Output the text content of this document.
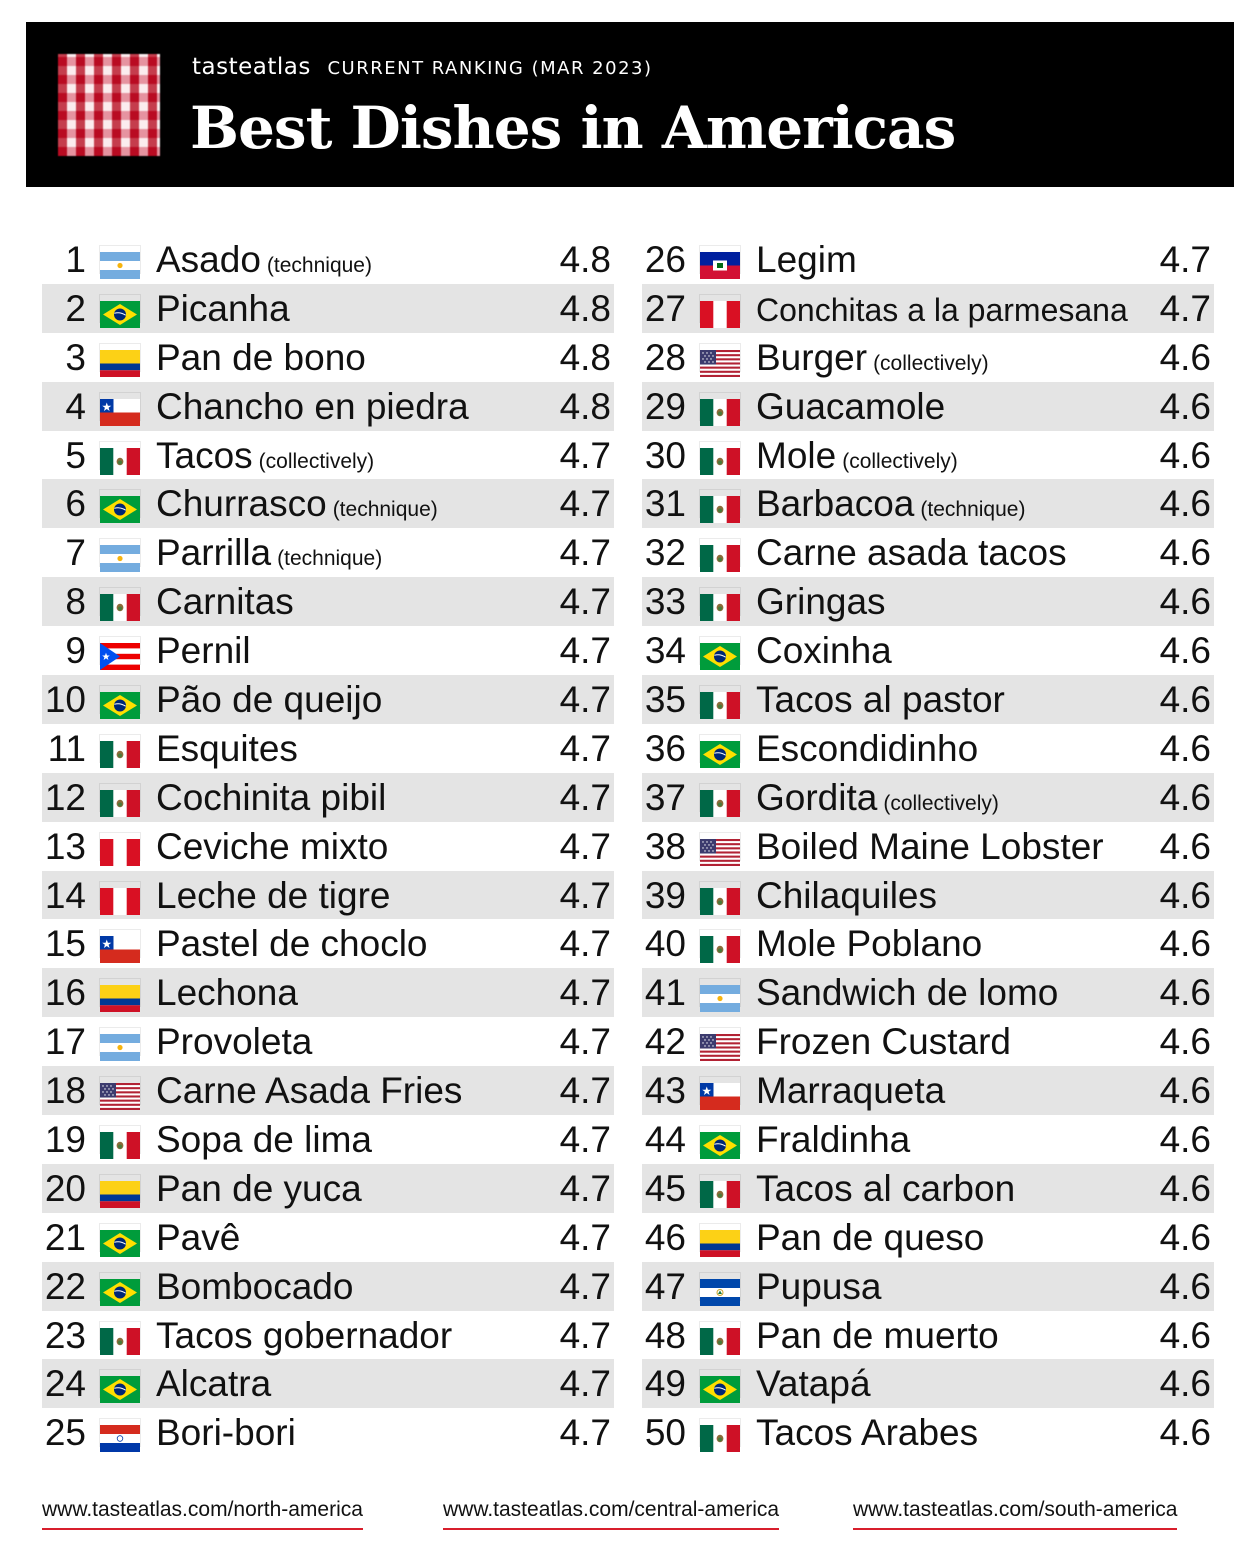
tasteatlas CURRENT RANKING (MAR 2023)
Best Dishes in Americas
1 Asado (technique)	4.8
2 Picanha	4.8
3 Pan de bono	4.8
4 Chancho en piedra 4.8
5 Tacos (collectively)	4.7
6 Churrasco (technique)	4.7
7 Parrilla (technique)	4.7
8 Carnitas	4.7
9 Pernil	4.7
10 Pão de queijo	4.7
11 Esquites	4.7
12 Cochinita pibil	4.7
13 Ceviche mixto	4.7
14 Leche de tigre	4.7
15 Pastel de choclo	4.7
16 Lechona	4.7
17 Provoleta	4.7
18 Carne Asada Fries	4.7
19 Sopa de lima	4.7
20 Pan de yuca	4.7
21 Pavê	4.7
22 Bombocado	4.7
23 Tacos gobernador	4.7
24 Alcatra	4.7
25 Bori-bori	4.7
26 Legim	4.7
27 Conchitas a la parmesana 4.7
28 Burger (collectively)	4.6
29 Guacamole	4.6
30 Mole (collectively)	4.6
31 Barbacoa (technique)	4.6
32 Carne asada tacos	4.6
33 Gringas	4.6
34 Coxinha	4.6
35 Tacos al pastor	4.6
36 Escondidinho	4.6
37 Gordita (collectively)	4.6
38 Boiled Maine Lobster 4.6
39 Chilaquiles	4.6
40 Mole Poblano	4.6
41 Sandwich de lomo	4.6
42 Frozen Custard	4.6
43 Marraqueta	4.6
44 Fraldinha	4.6
45 Tacos al carbon	4.6
46 Pan de queso	4.6
47 Pupusa	4.6
48 Pan de muerto	4.6
49 Vatapá	4.6
50 Tacos Arabes	4.6
www.tasteatlas.com/north-america	www.tasteatlas.com/central-america	www.tasteatlas.com/south-america
